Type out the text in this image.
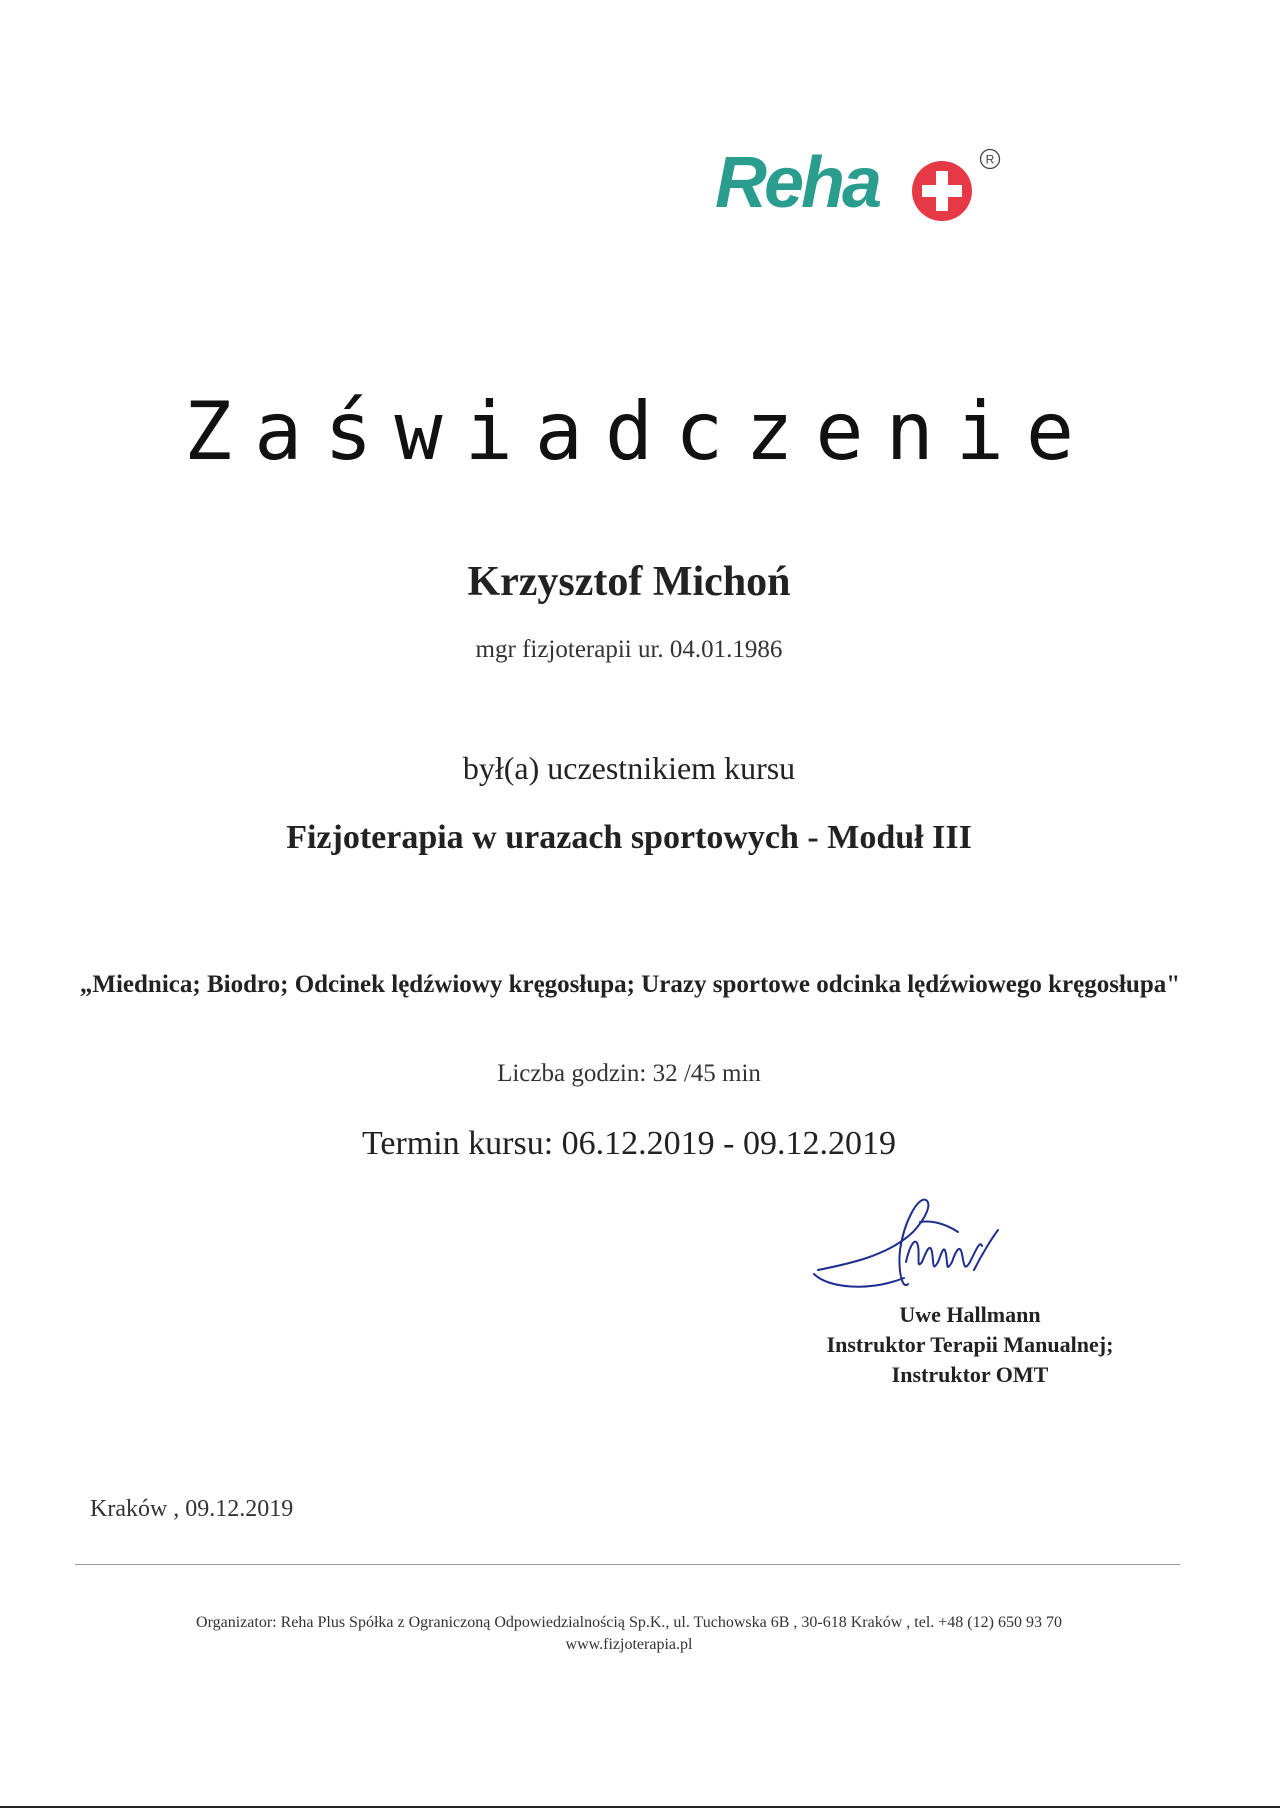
Reha	R
Zaświadczenie
Krzysztof Michoń
mgr fizjoterapii ur. 04.01.1986
był(a) uczestnikiem kursu
Fizjoterapia w urazach sportowych - Moduł III
„Miednica; Biodro; Odcinek lędźwiowy kręgosłupa; Urazy sportowe odcinka lędźwiowego kręgosłupa"
Liczba godzin: 32 /45 min
Termin kursu: 06.12.2019 - 09.12.2019
Uwe Hallmann
Instruktor Terapii Manualnej;
Instruktor OMT
Kraków , 09.12.2019
Organizator: Reha Plus Spółka z Ograniczoną Odpowiedzialnością Sp.K., ul. Tuchowska 6B , 30-618 Kraków , tel. +48 (12) 650 93 70
www.fizjoterapia.pl
